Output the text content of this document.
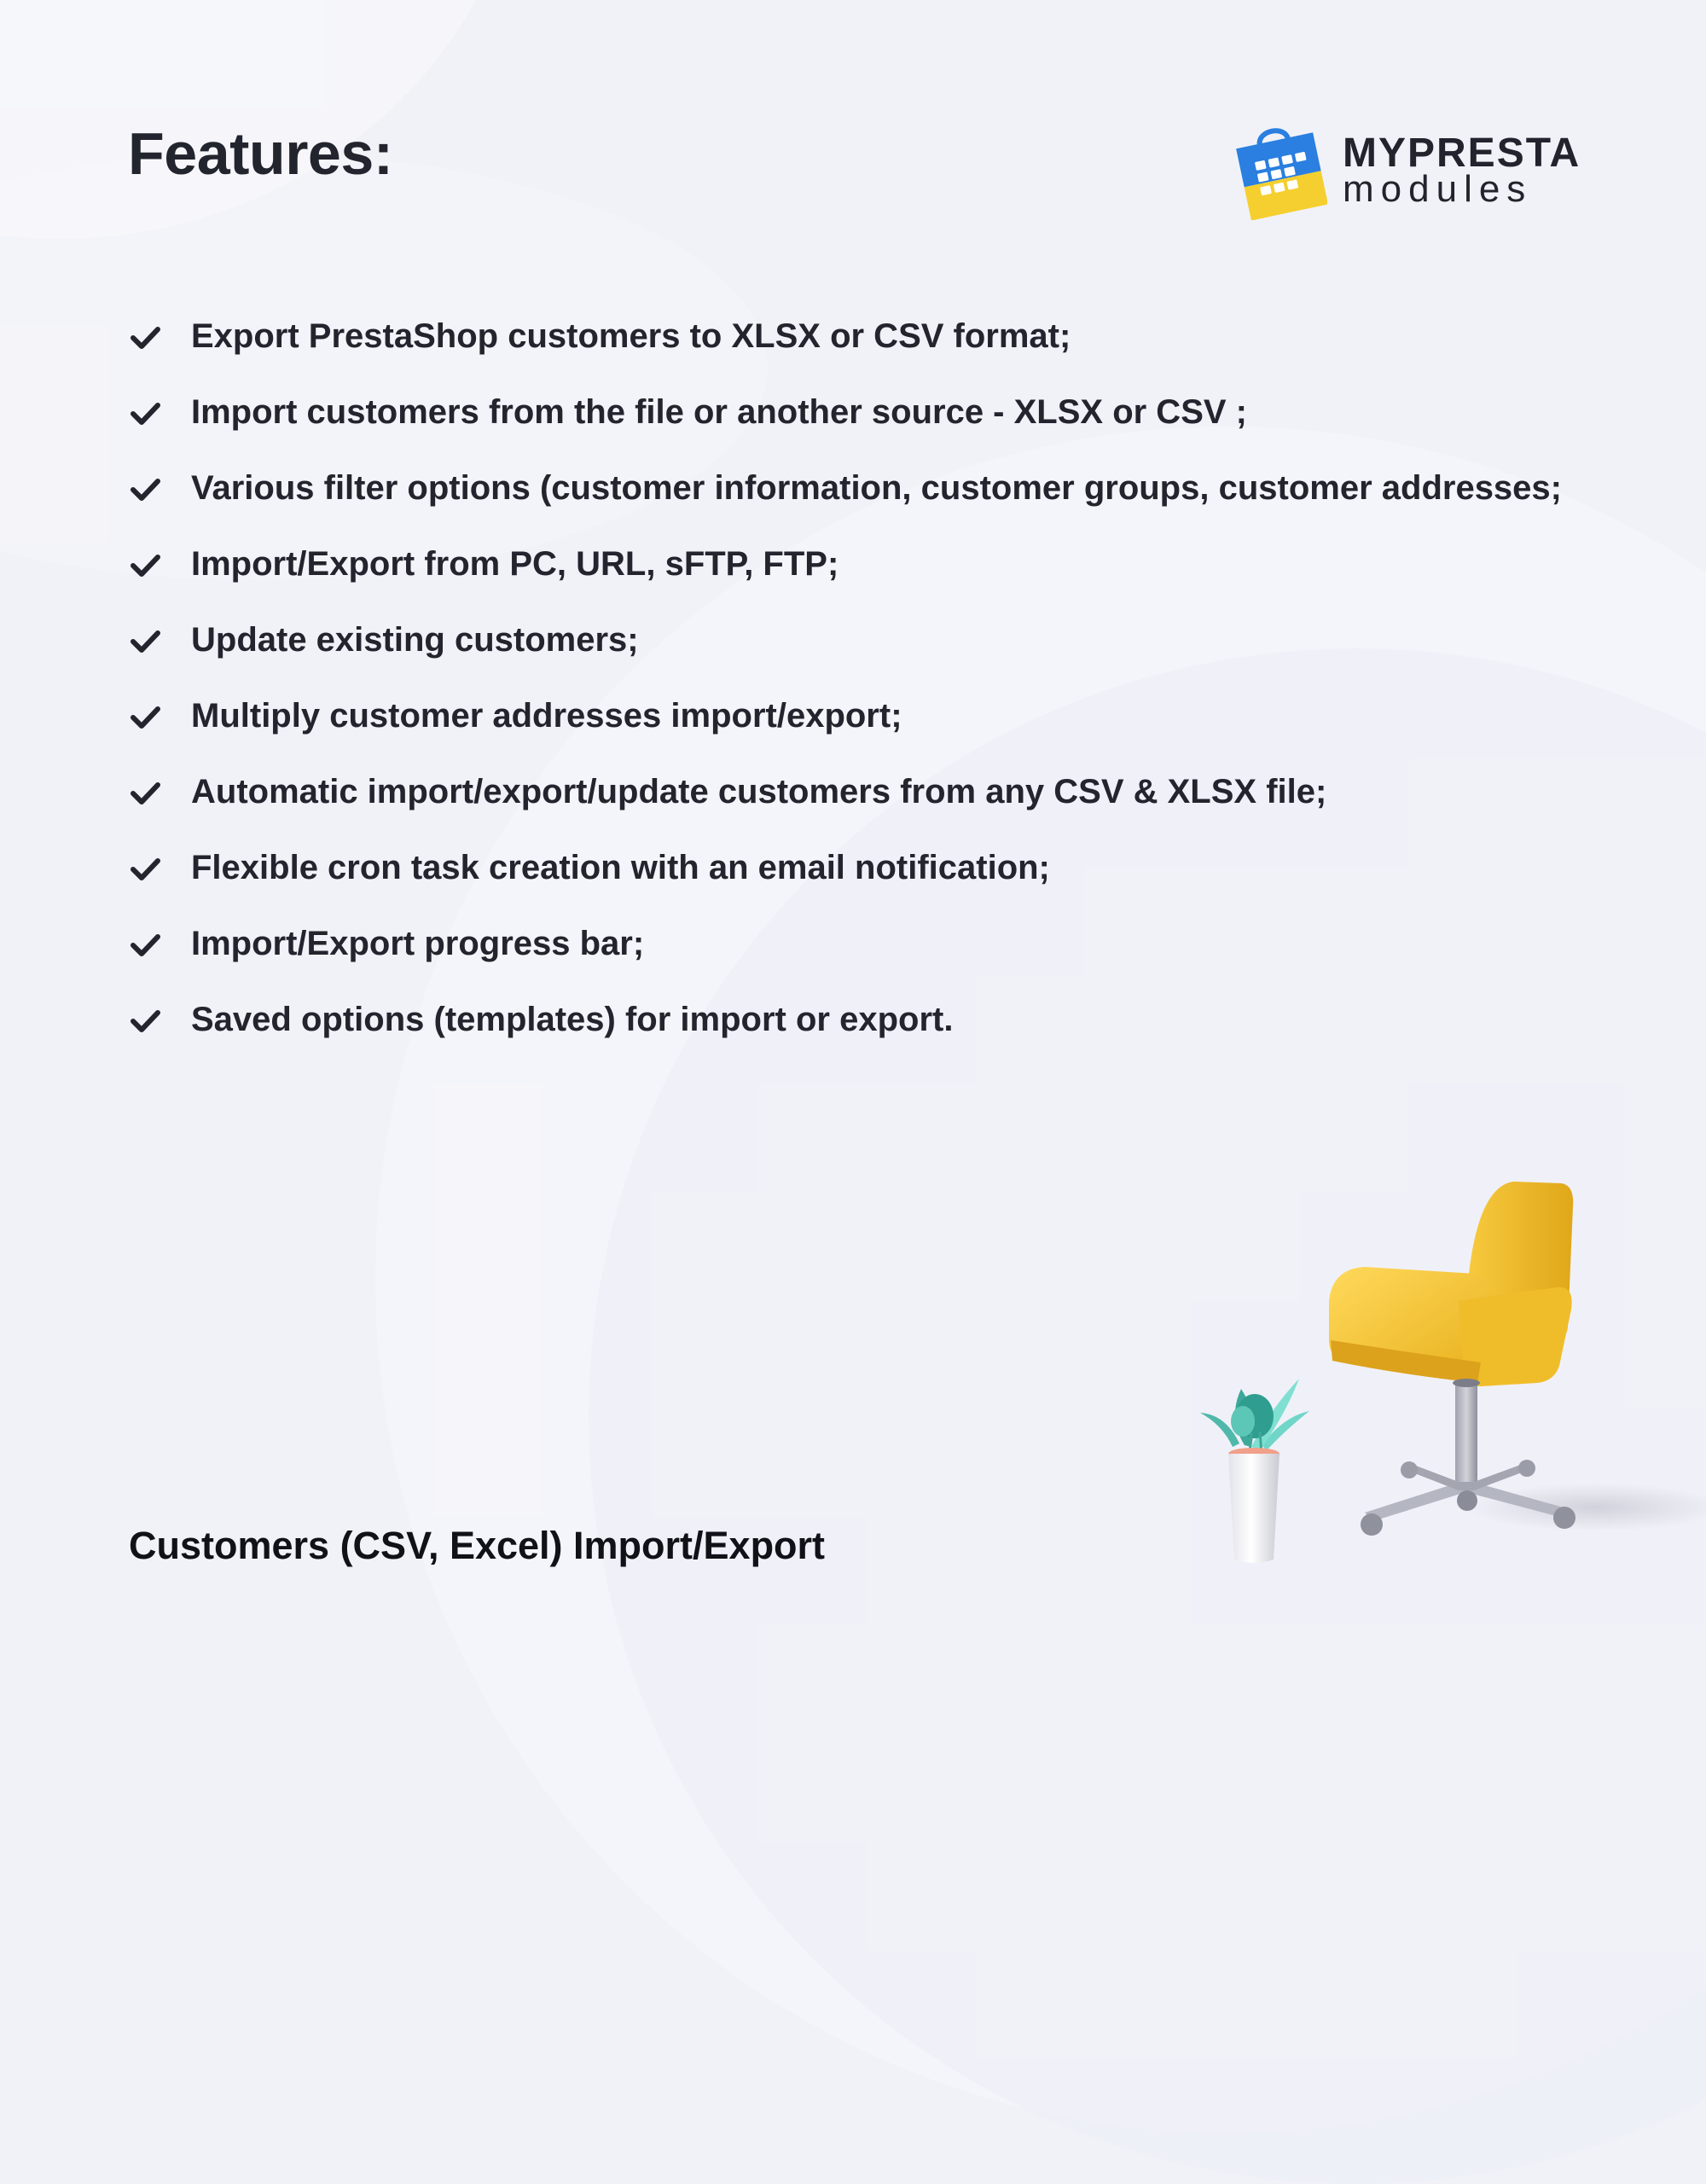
Features:	MYPRESTA
modules
Export PrestaShop customers to XLSX or CSV format;
Import customers from the file or another source - XLSX or CSV ;
Various filter options (customer information, customer groups, customer addresses;
Import/Export from PC, URL, sFTP, FTP;
Update existing customers;
Multiply customer addresses import/export;
Automatic import/export/update customers from any CSV & XLSX file;
Flexible cron task creation with an email notification;
Import/Export progress bar;
Saved options (templates) for import or export.
Customers (CSV, Excel) Import/Export
